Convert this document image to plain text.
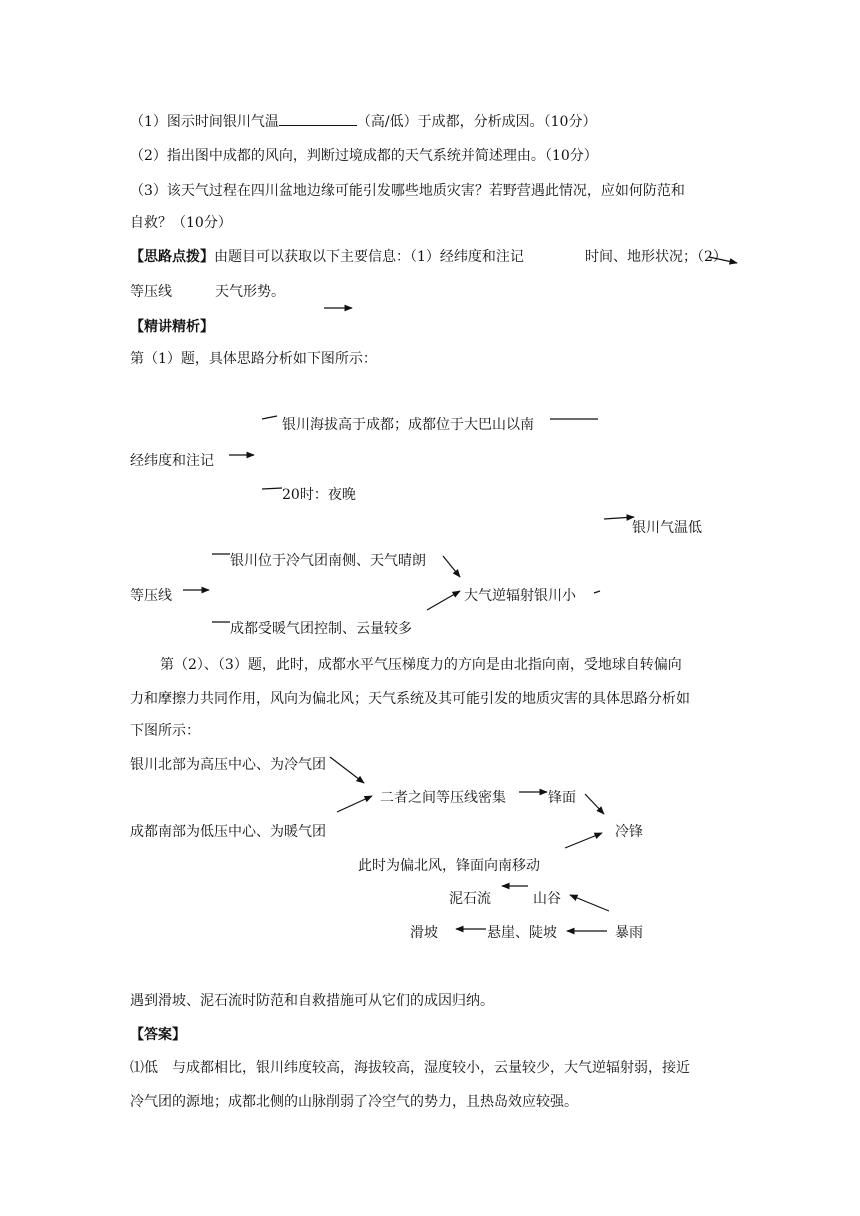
（1）图示时间银川气温	（高/低）于成都，分析成因。（10分）
（2）指出图中成都的风向，判断过境成都的天气系统并简述理由。（10分）
（3）该天气过程在四川盆地边缘可能引发哪些地质灾害？若野营遇此情况，应如何防范和
自救？（10分）
【思路点拨】由题目可以获取以下主要信息：（1）经纬度和注记	时间、地形状况；（2）
等压线	天气形势。
【精讲精析】
第（1）题，具体思路分析如下图所示：
银川海拔高于成都；成都位于大巴山以南
经纬度和注记
20时：夜晚
银川气温低
银川位于冷气团南侧、天气晴朗
等压线	大气逆辐射银川小
成都受暖气团控制、云量较多
第（2）、（3）题，此时，成都水平气压梯度力的方向是由北指向南，受地球自转偏向
力和摩擦力共同作用，风向为偏北风；天气系统及其可能引发的地质灾害的具体思路分析如
下图所示：
银川北部为高压中心、为冷气团
二者之间等压线密集	锋面
成都南部为低压中心、为暖气团	冷锋
此时为偏北风，锋面向南移动
泥石流	山谷
滑坡	悬崖、陡坡	暴雨
遇到滑坡、泥石流时防范和自救措施可从它们的成因归纳。
【答案】
⑴低　与成都相比，银川纬度较高，海拔较高，湿度较小，云量较少，大气逆辐射弱，接近
冷气团的源地；成都北侧的山脉削弱了冷空气的势力，且热岛效应较强。
